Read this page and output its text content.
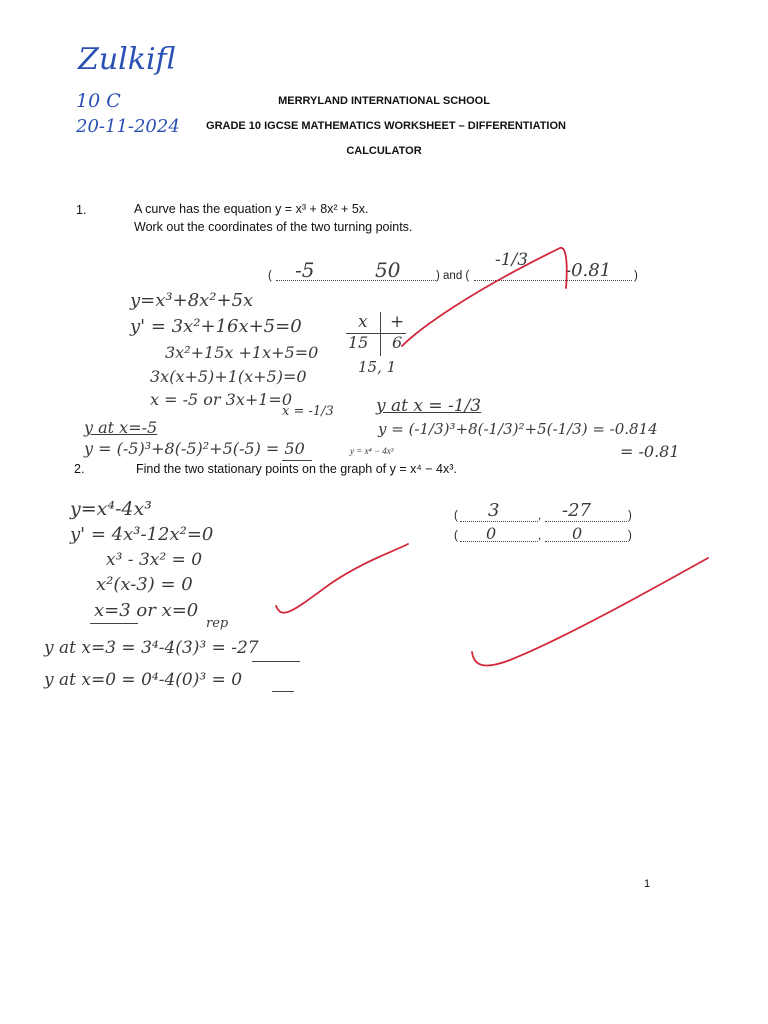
Zulkifl
10 C
20-11-2024
MERRYLAND INTERNATIONAL SCHOOL
GRADE 10 IGCSE MATHEMATICS WORKSHEET – DIFFERENTIATION
CALCULATOR
1.	A curve has the equation y = x³ + 8x² + 5x.
Work out the coordinates of the two turning points.
(	) and (	)
-5	50	-1/3 -0.81
y=x³+8x²+5x
y' = 3x²+16x+5=0
3x²+15x +1x+5=0
3x(x+5)+1(x+5)=0
x = -5 or 3x+1=0
x = -1/3
y at x=-5
y = (-5)³+8(-5)²+5(-5) = 50
x +
15 6
15, 1
y at x = -1/3
y = (-1/3)³+8(-1/3)²+5(-1/3) = -0.814
= -0.81
y = x⁴ − 4x³
2.	Find the two stationary points on the graph of y = x⁴ − 4x³.
(	,	)
3	-27
(	,	)
0	0
y=x⁴-4x³
y' = 4x³-12x²=0
x³ - 3x² = 0
x²(x-3) = 0
x=3 or x=0
rep
y at x=3 = 3⁴-4(3)³ = -27
y at x=0 = 0⁴-4(0)³ = 0
1
